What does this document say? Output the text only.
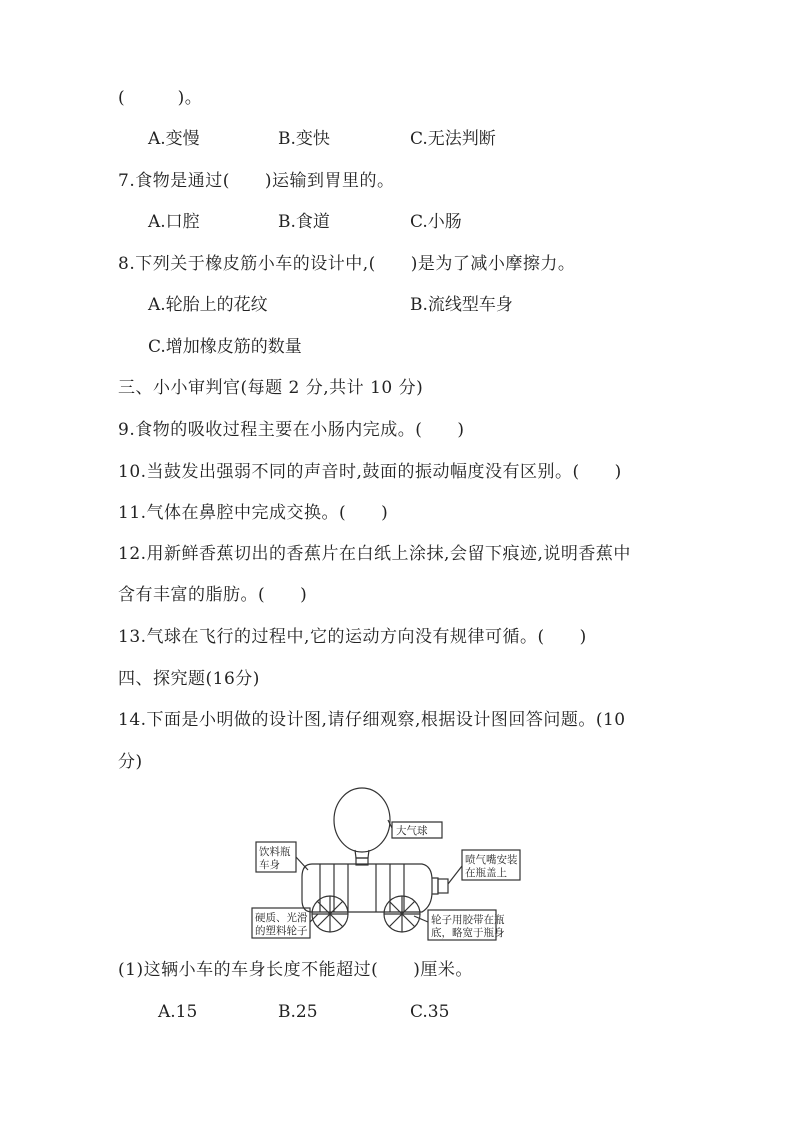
(　　　)。
A.变慢	B.变快	C.无法判断
7.食物是通过(　　)运输到胃里的。
A.口腔	B.食道	C.小肠
8.下列关于橡皮筋小车的设计中,(　　)是为了减小摩擦力。
A.轮胎上的花纹	B.流线型车身
C.增加橡皮筋的数量
三、小小审判官(每题 2 分,共计 10 分)
9.食物的吸收过程主要在小肠内完成。(　　)
10.当鼓发出强弱不同的声音时,鼓面的振动幅度没有区别。(　　)
11.气体在鼻腔中完成交换。(　　)
12.用新鲜香蕉切出的香蕉片在白纸上涂抹,会留下痕迹,说明香蕉中
含有丰富的脂肪。(　　)
13.气球在飞行的过程中,它的运动方向没有规律可循。(　　)
四、探究题(16分)
14.下面是小明做的设计图,请仔细观察,根据设计图回答问题。(10
分)
大气球
饮料瓶
车身	喷气嘴安装
在瓶盖上
硬质、光滑
的塑料轮子
轮子用胶带在瓶
底，略宽于瓶身
(1)这辆小车的车身长度不能超过(　　)厘米。
A.15	B.25	C.35
